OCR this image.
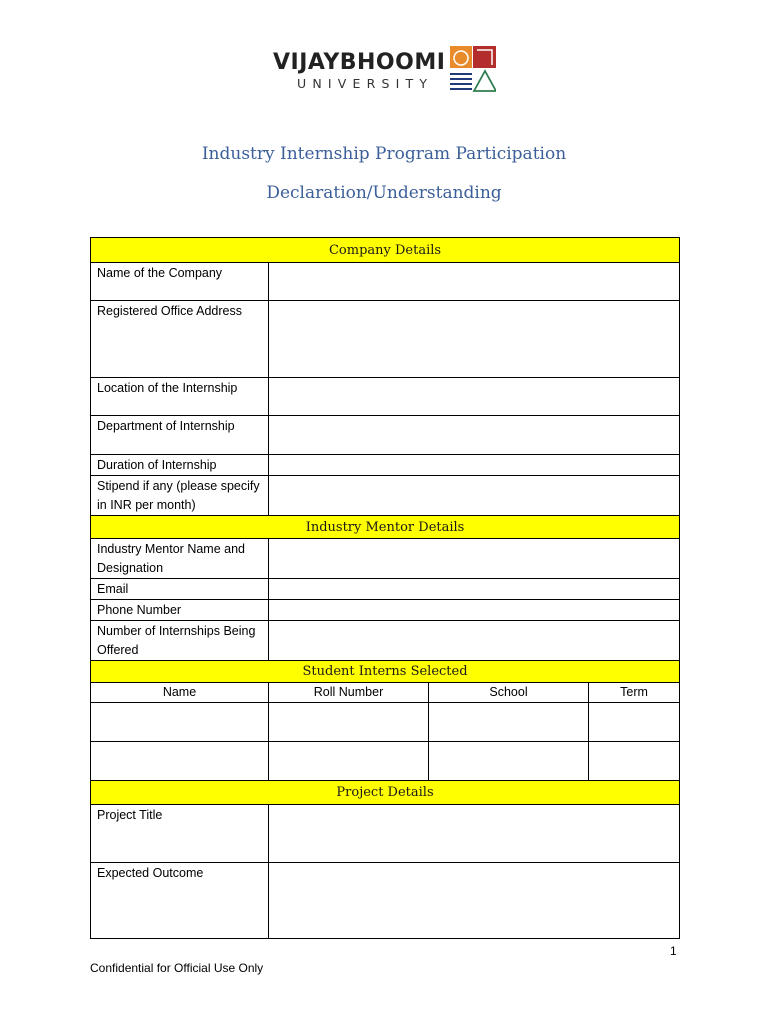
VIJAYBHOOMI
UNIVERSITY
Industry Internship Program Participation
Declaration/Understanding
Company Details			
Name of the Company			
Registered Office Address			
Location of the Internship			
Department of Internship			
Duration of Internship			
Stipend if any (please specify in INR per month)			
Industry Mentor Details			
Industry Mentor Name and Designation			
Email			
Phone Number			
Number of Internships Being Offered			
Student Interns Selected			
Name	Roll Number	School	Term

Project Details			
Project Title			
Expected Outcome			
1
Confidential for Official Use Only
